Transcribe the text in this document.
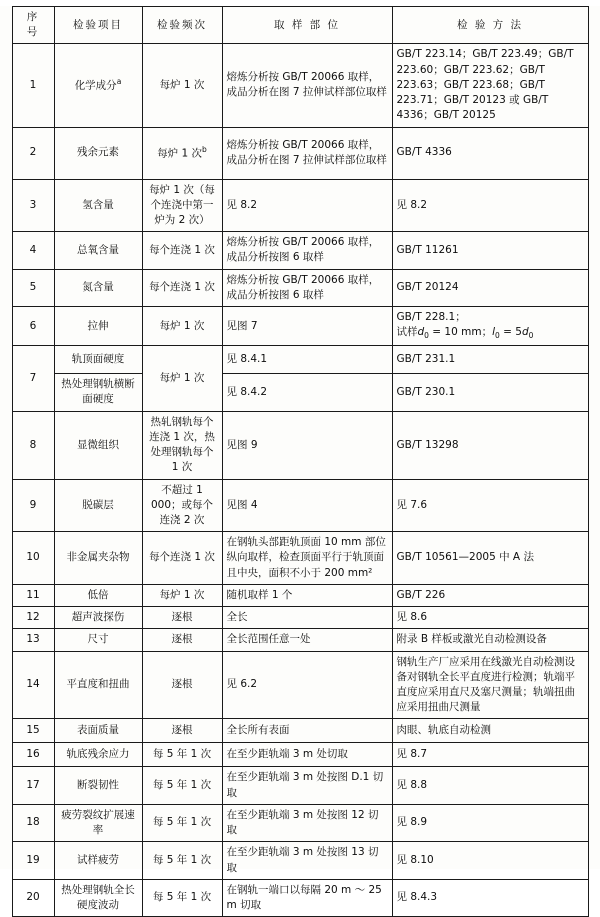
序　号	检验项目	检验频次	取 样 部 位	检 验 方 法
1	化学成分$^a$	每炉 1 次	熔炼分析按 GB/T 20066 取样，成品分析在图 7 拉伸试样部位取样	GB/T 223.14；GB/T 223.49；GB/T 223.60；GB/T 223.62；GB/T 223.63；GB/T 223.68；GB/T 223.71；GB/T 20123 或 GB/T 4336；GB/T 20125
2	残余元素	每炉 1 次$^b$	熔炼分析按 GB/T 20066 取样，成品分析在图 7 拉伸试样部位取样	GB/T 4336
3	氢含量	每炉 1 次（每个连浇中第一炉为 2 次）	见 8.2	见 8.2
4	总氧含量	每个连浇 1 次	熔炼分析按 GB/T 20066 取样，成品分析按图 6 取样	GB/T 11261
5	氮含量	每个连浇 1 次	熔炼分析按 GB/T 20066 取样，成品分析按图 6 取样	GB/T 20124
6	拉伸	每炉 1 次	见图 7	GB/T 228.1；
试样$d_0 = 10$ mm；$l_0 = 5d_0$

7	轨顶面硬度	每炉 1 次	见 8.4.1	GB/T 231.1
	热处理钢轨横断面硬度		见 8.4.2	GB/T 230.1
8	显微组织	热轧钢轨每个连浇 1 次，热处理钢轨每个 1 次	见图 9	GB/T 13298
9	脱碳层	不超过 1 000；或每个连浇 2 次	见图 4	见 7.6
10	非金属夹杂物	每个连浇 1 次	在钢轨头部距轨顶面 10 mm 部位纵向取样，检查顶面平行于轨顶面且中央，面积不小于 200 mm²	GB/T 10561—2005 中 A 法
11	低倍	每炉 1 次	随机取样 1 个	GB/T 226
12	超声波探伤	逐根	全长	见 8.6
13	尺寸	逐根	全长范围任意一处	附录 B 样板或激光自动检测设备
14	平直度和扭曲	逐根	见 6.2	钢轨生产厂应采用在线激光自动检测设备对钢轨全长平直度进行检测；轨端平直度应采用直尺及塞尺测量；轨端扭曲应采用扭曲尺测量
15	表面质量	逐根	全长所有表面	肉眼、轨底自动检测
16	轨底残余应力	每 5 年 1 次	在至少距轨端 3 m 处切取	见 8.7
17	断裂韧性	每 5 年 1 次	在至少距轨端 3 m 处按图 D.1 切取	见 8.8
18	疲劳裂纹扩展速率	每 5 年 1 次	在至少距轨端 3 m 处按图 12 切取	见 8.9
19	试样疲劳	每 5 年 1 次	在至少距轨端 3 m 处按图 13 切取	见 8.10
20	热处理钢轨全长硬度波动	每 5 年 1 次	在钢轨一端口以每隔 20 m ～ 25 m 切取	见 8.4.3
